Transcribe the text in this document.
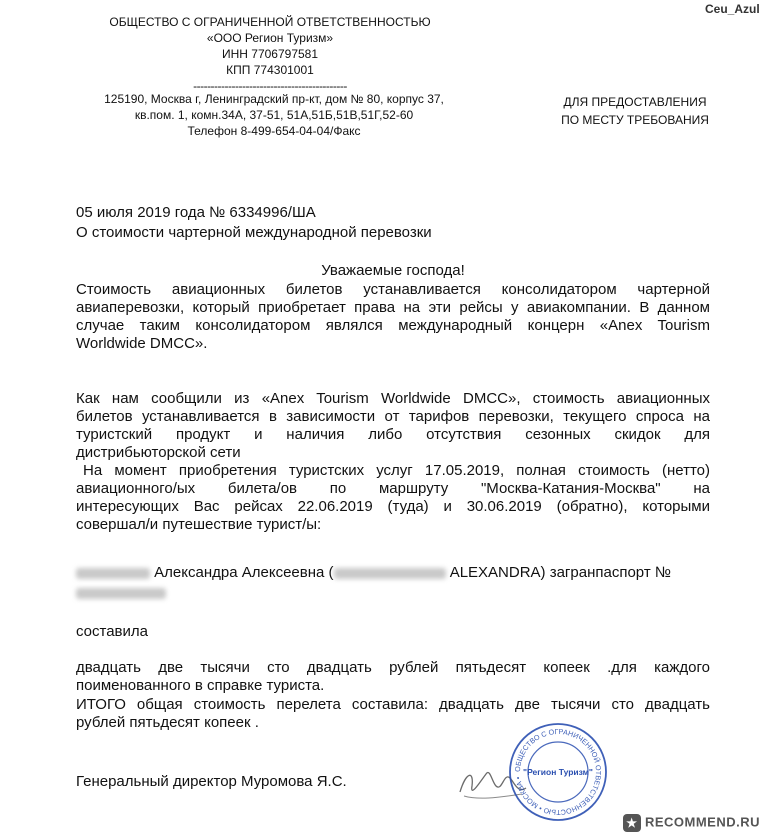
Ceu_Azul
ОБЩЕСТВО С ОГРАНИЧЕННОЙ ОТВЕТСТВЕННОСТЬЮ
«ООО Регион Туризм»
ИНН 7706797581
КПП 774301001
--------------------------------------------
125190, Москва г, Ленинградский пр-кт, дом № 80, корпус 37,
кв.пом. 1, комн.34А, 37-51, 51А,51Б,51В,51Г,52-60
Телефон 8-499-654-04-04/Факс
ДЛЯ ПРЕДОСТАВЛЕНИЯ
ПО МЕСТУ ТРЕБОВАНИЯ
05 июля 2019 года № 6334996/ША
О стоимости чартерной международной перевозки
Уважаемые господа!
Стоимость авиационных билетов устанавливается консолидатором чартерной
авиаперевозки, который приобретает права на эти рейсы у авиакомпании. В данном
случае таким консолидатором являлся международный концерн «Anex Tourism
Worldwide DMCC».
Как нам сообщили из «Anex Tourism Worldwide DMCC», стоимость авиационных
билетов устанавливается в зависимости от тарифов перевозки, текущего спроса на
туристский продукт и наличия либо отсутствия сезонных скидок для
дистрибьюторской сети
На момент приобретения туристских услуг 17.05.2019, полная стоимость (нетто)
авиационного/ых билета/ов по маршруту "Москва-Катания-Москва" на
интересующих Вас рейсах 22.06.2019 (туда) и 30.06.2019 (обратно), которыми
совершал/и путешествие турист/ы:
Александра Алексеевна (	ALEXANDRA) загранпаспорт №
составила
двадцать две тысячи сто двадцать рублей пятьдесят копеек .для каждого
поименованного в справке туриста.
ИТОГО общая стоимость перелета составила: двадцать две тысячи сто двадцать
рублей пятьдесят копеек .
Генеральный директор Муромова Я.С.
ОБЩЕСТВО С ОГРАНИЧЕННОЙ ОТВЕТСТВЕННОСТЬЮ • МОСКВА •
"Регион Туризм"
★ RECOMMEND.RU
